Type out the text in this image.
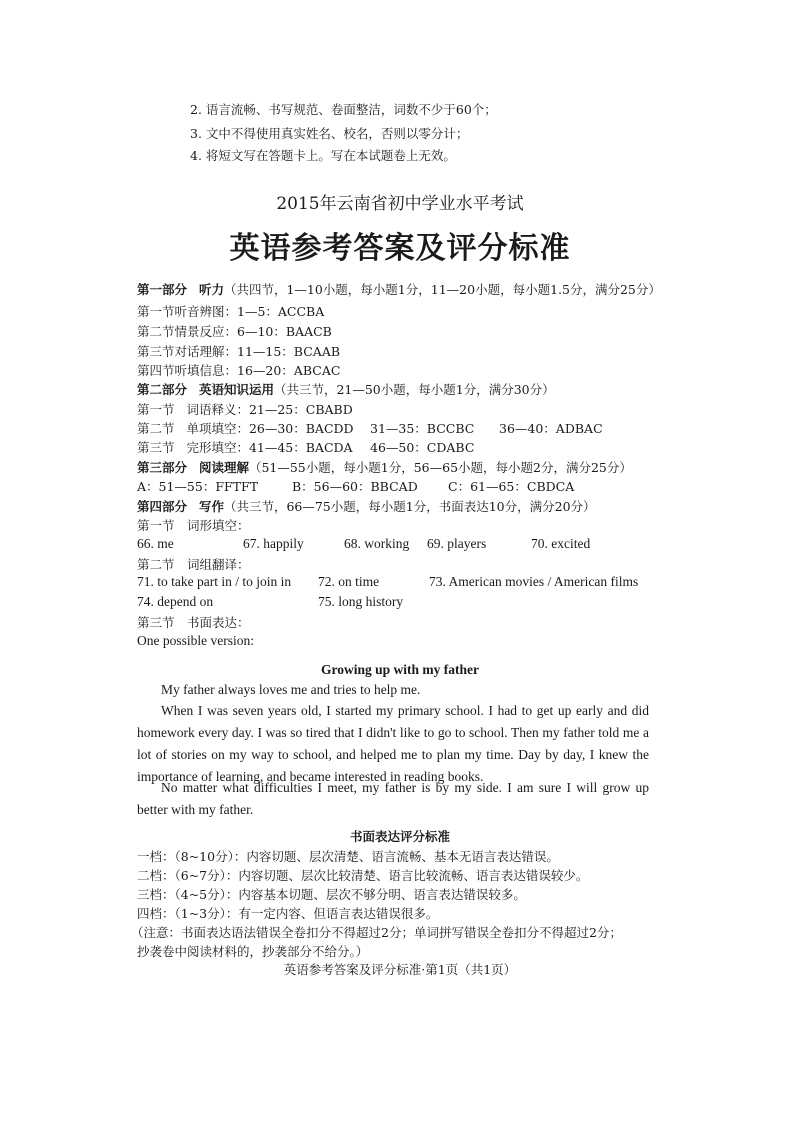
2. 语言流畅、书写规范、卷面整洁，词数不少于60个；
3. 文中不得使用真实姓名、校名，否则以零分计；
4. 将短文写在答题卡上。写在本试题卷上无效。
2015年云南省初中学业水平考试
英语参考答案及评分标准
第一部分 听力（共四节，1—10小题，每小题1分，11—20小题，每小题1.5分，满分25分）
第一节听音辨图：1—5：ACCBA
第二节情景反应：6—10：BAACB
第三节对话理解：11—15：BCAAB
第四节听填信息：16—20：ABCAC
第二部分 英语知识运用（共三节，21—50小题，每小题1分，满分30分）
第一节 词语释义：21—25：CBABD
第二节 单项填空：26—30：BACDD 31—35：BCCBC 36—40：ADBAC
第三节 完形填空：41—45：BACDA 46—50：CDABC
第三部分 阅读理解（51—55小题，每小题1分，56—65小题，每小题2分，满分25分）
A：51—55：FFTFT	B：56—60：BBCAD C：61—65：CBDCA
第四部分 写作（共三节，66—75小题，每小题1分，书面表达10分，满分20分）
第一节　词形填空：
66. me	67. happily	68. working 69. players	70. excited
第二节　词组翻译：
71. to take part in / to join in 72. on time	73. American movies / American films
74. depend on	75. long history
第三节　书面表达：
One possible version:
Growing up with my father
My father always loves me and tries to help me.
When I was seven years old, I started my primary school. I had to get up early and did homework every day. I was so tired that I didn't like to go to school. Then my father told me a lot of stories on my way to school, and helped me to plan my time. Day by day, I knew the importance of learning, and became interested in reading books.
No matter what difficulties I meet, my father is by my side. I am sure I will grow up better with my father.
书面表达评分标准
一档：（8~10分）：内容切题、层次清楚、语言流畅、基本无语言表达错误。
二档：（6~7分）：内容切题、层次比较清楚、语言比较流畅、语言表达错误较少。
三档：（4~5分）：内容基本切题、层次不够分明、语言表达错误较多。
四档：（1~3分）：有一定内容、但语言表达错误很多。
（注意：书面表达语法错误全卷扣分不得超过2分；单词拼写错误全卷扣分不得超过2分；
抄袭卷中阅读材料的，抄袭部分不给分。）
英语参考答案及评分标准·第1页（共1页）
